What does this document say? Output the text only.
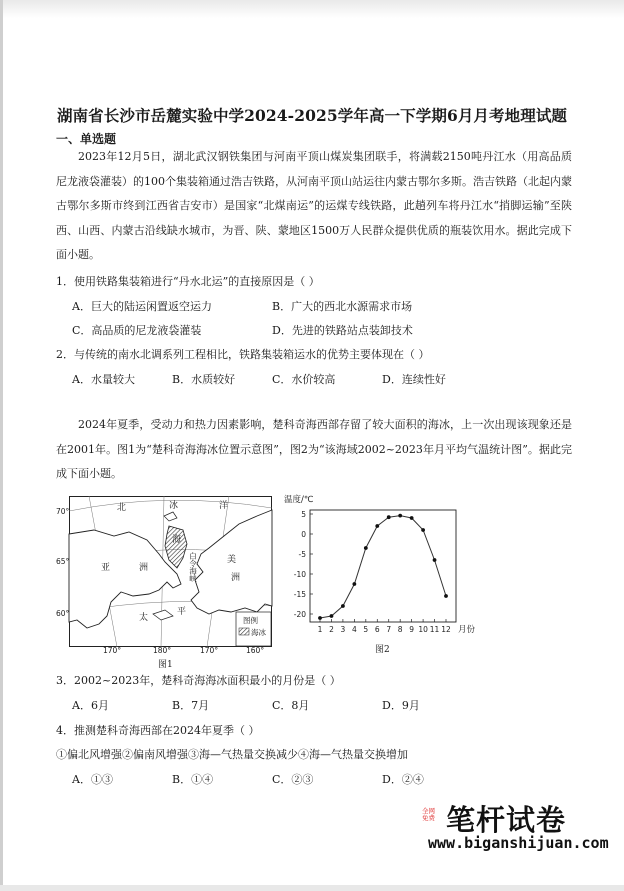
湖南省长沙市岳麓实验中学2024-2025学年高一下学期6月月考地理试题
一、单选题

2023年12月5日，湖北武汉钢铁集团与河南平顶山煤炭集团联手，将满载2150吨丹江水（用高品质尼龙液袋灌装）的100个集装箱通过浩吉铁路，从河南平顶山站运往内蒙古鄂尔多斯。浩吉铁路（北起内蒙古鄂尔多斯市终到江西省吉安市）是国家“北煤南运”的运煤专线铁路，此趟列车将丹江水“捎脚运输”至陕西、山西、内蒙古沿线缺水城市，为晋、陕、蒙地区1500万人民群众提供优质的瓶装饮用水。据此完成下面小题。

1．使用铁路集装箱进行“丹水北运”的直接原因是（ ）
A．巨大的陆运闲置返空运力	B．广大的西北水源需求市场
C．高品质的尼龙液袋灌装	D．先进的铁路站点装卸技术
2．与传统的南水北调系列工程相比，铁路集装箱运水的优势主要体现在（ ）
A．水量较大	B．水质较好	C．水价较高	D．连续性好

2024年夏季，受动力和热力因素影响，楚科奇海西部存留了较大面积的海冰，上一次出现该现象还是在2001年。图1为“楚科奇海海冰位置示意图”，图2为“该海域2002~2023年月平均气温统计图”。据此完成下面小题。

北	冰	洋
海
亚	洲
美
洲
太
平
白令海峡
70°
65°
60°
图例
海冰
170°	180°	170°	160°
图1
温度/℃
5
0
-5
-10
-15
-20
1 2 3 4 5 6 7 8 9 10 11 12 月份
图2
3．2002~2023年，楚科奇海海冰面积最小的月份是（ ）
A．6月	B．7月	C．8月	D．9月
4．推测楚科奇海西部在2024年夏季（ ）
①偏北风增强②偏南风增强③海—气热量交换减少④海—气热量交换增加
A．①③	B．①④	C．②③	D．②④
全网免费 笔杆试卷
www.biganshijuan.com
